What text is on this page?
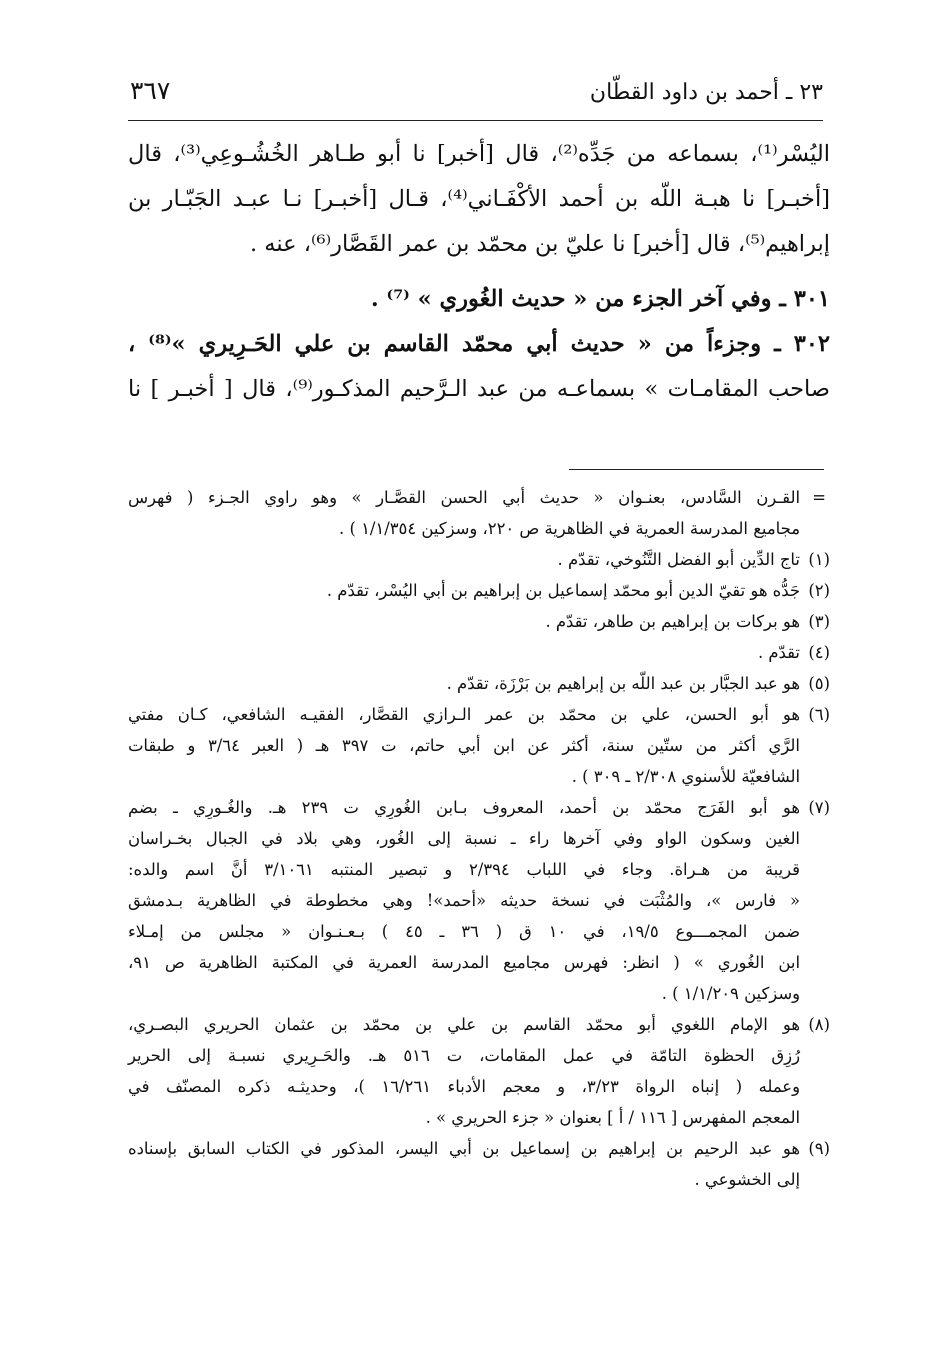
٢٣ ـ أحمد بن داود القطّان
٣٦٧
اليُسْر⁽¹⁾، بسماعه من جَدِّه⁽²⁾، قال [أخبر] نا أبو طـاهر الخُشُـوعِي⁽³⁾، قال
[أخبـر] نا هبـة اللّه بن أحمد الأكْفَـاني⁽⁴⁾، قـال [أخبـر] نـا عبـد الجَبّـار بن
إبراهيم⁽⁵⁾، قال [أخبر] نا عليّ بن محمّد بن عمر القَصَّار⁽⁶⁾، عنه .
٣٠١ ـ وفي آخر الجزء من « حديث الغُوري » ⁽⁷⁾ .
٣٠٢ ـ وجزءاً من « حديث أبي محمّد القاسم بن علي الحَـرِيري »⁽⁸⁾ ،
صاحب المقامـات » بسماعـه من عبد الـرَّحيم المذكـور⁽⁹⁾، قال [ أخبـر ] نا
=
القـرن السَّادس، بعنـوان « حديث أبي الحسن القصَّـار » وهو راوي الجـزء ( فهرس
مجاميع المدرسة العمرية في الظاهرية ص ٢٢٠، وسزكين ١/١/٣٥٤ ) .
(١)
تاج الدِّين أبو الفضل التَّنُوخي، تقدّم .
(٢)
جَدُّه هو تقيّ الدين أبو محمّد إسماعيل بن إبراهيم بن أبي اليُسْر، تقدّم .
(٣)
هو بركات بن إبراهيم بن طاهر، تقدّم .
(٤)
تقدّم .
(٥)
هو عبد الجبَّار بن عبد اللّه بن إبراهيم بن بَرْزَة، تقدّم .
(٦)
هو أبو الحسن، علي بن محمّد بن عمر الـرازي القصَّار، الفقيـه الشافعي، كـان مفتي
الرَّي أكثر من ستّين سنة، أكثر عن ابن أبي حاتم، ت ٣٩٧ هـ ( العبر ٣/٦٤ و طبقات
الشافعيّة للأسنوي ٢/٣٠٨ ـ ٣٠٩ ) .
(٧)
هو أبو الفَرَج محمّد بن أحمد، المعروف بـابن الغُورِي ت ٢٣٩ هـ. والغُـورِي ـ بضم
الغين وسكون الواو وفي آخرها راء ـ نسبة إلى الغُور، وهي بلاد في الجبال بخـراسان
قريبة من هـراة. وجاء في اللباب ٢/٣٩٤ و تبصير المنتبه ٣/١٠٦١ أنَّ اسم والده:
« فارس »، والمُثْبَت في نسخة حديثه «أحمد»! وهي مخطوطة في الظاهرية بـدمشق
ضمن المجمـــوع ١٩/٥، في ١٠ ق ( ٣٦ ـ ٤٥ ) بـعـنـوان « مجلس من إمـلاء
ابن الغُوري » ( انظر: فهرس مجاميع المدرسة العمرية في المكتبة الظاهرية ص ٩١،
وسزكين ١/١/٢٠٩ ) .
(٨)
هو الإمام اللغوي أبو محمّد القاسم بن علي بن محمّد بن عثمان الحريري البصـري،
رُزِق الحظوة التامّة في عمل المقامات، ت ٥١٦ هـ. والحَـرِيري نسبـة إلى الحرير
وعمله ( إنباه الرواة ٣/٢٣، و معجم الأدباء ١٦/٢٦١ )، وحديثـه ذكره المصنّف في
المعجم المفهرس [ ١١٦ / أ ] بعنوان « جزء الحريري » .
(٩)
هو عبد الرحيم بن إبراهيم بن إسماعيل بن أبي اليسر، المذكور في الكتاب السابق بإسناده
إلى الخشوعي .
